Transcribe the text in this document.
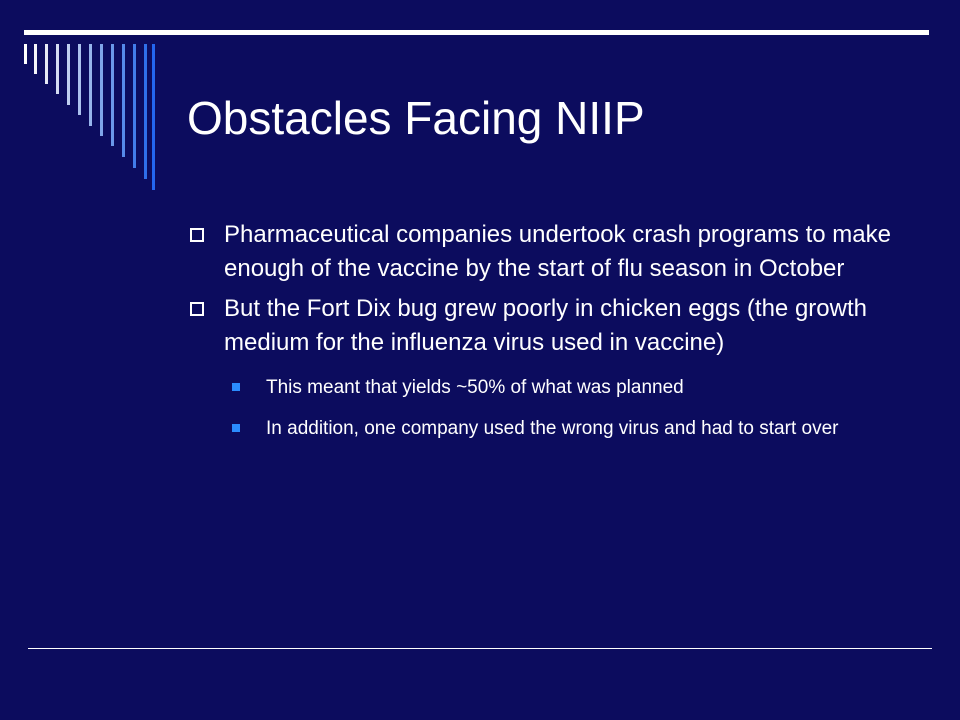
Obstacles Facing NIIP

Pharmaceutical companies undertook crash programs to make enough of the vaccine by the start of flu season in October

But the Fort Dix bug grew poorly in chicken eggs (the growth medium for the influenza virus used in vaccine)

This meant that yields ~50% of what was planned

In addition, one company used the wrong virus and had to start over
